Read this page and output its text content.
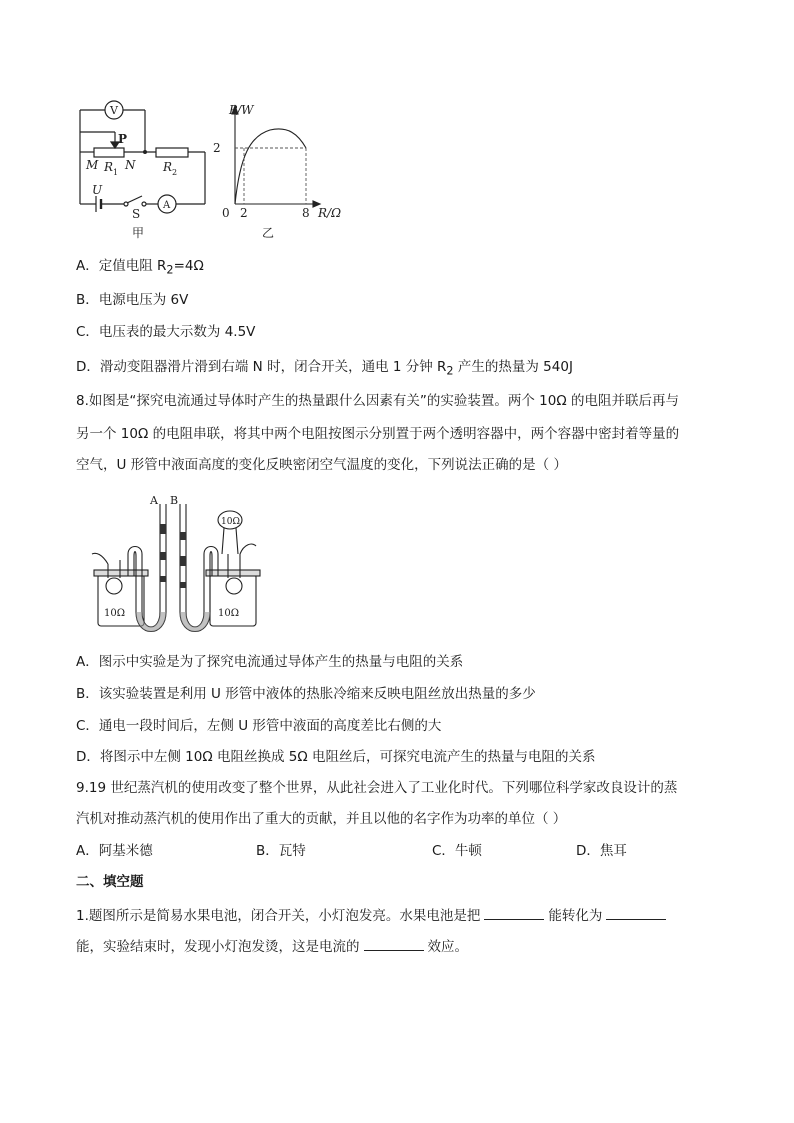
V
P
M R 1
N R 2
U
S
A
甲
P/W
R/Ω
0
2
2	8
乙
A．定值电阻 $R_2=4\Omega$
B．电源电压为 6V
C．电压表的最大示数为 4.5V
D．滑动变阻器滑片滑到右端 N 时，闭合开关，通电 1 分钟 $R_2$ 产生的热量为 540J
8.如图是“探究电流通过导体时产生的热量跟什么因素有关”的实验装置。两个 10Ω 的电阻并联后再与
另一个 10Ω 的电阻串联，将其中两个电阻按图示分别置于两个透明容器中，两个容器中密封着等量的
空气，U 形管中液面高度的变化反映密闭空气温度的变化，下列说法正确的是（ ）
A B
10Ω	10Ω
10Ω
A．图示中实验是为了探究电流通过导体产生的热量与电阻的关系
B．该实验装置是利用 U 形管中液体的热胀冷缩来反映电阻丝放出热量的多少
C．通电一段时间后，左侧 U 形管中液面的高度差比右侧的大
D．将图示中左侧 10Ω 电阻丝换成 5Ω 电阻丝后，可探究电流产生的热量与电阻的关系
9.19 世纪蒸汽机的使用改变了整个世界，从此社会进入了工业化时代。下列哪位科学家改良设计的蒸
汽机对推动蒸汽机的使用作出了重大的贡献，并且以他的名字作为功率的单位（ ）
A．阿基米德	B．瓦特	C．牛顿	D．焦耳
二、填空题
1.题图所示是简易水果电池，闭合开关，小灯泡发亮。水果电池是把	能转化为
能，实验结束时，发现小灯泡发烫，这是电流的	效应。
